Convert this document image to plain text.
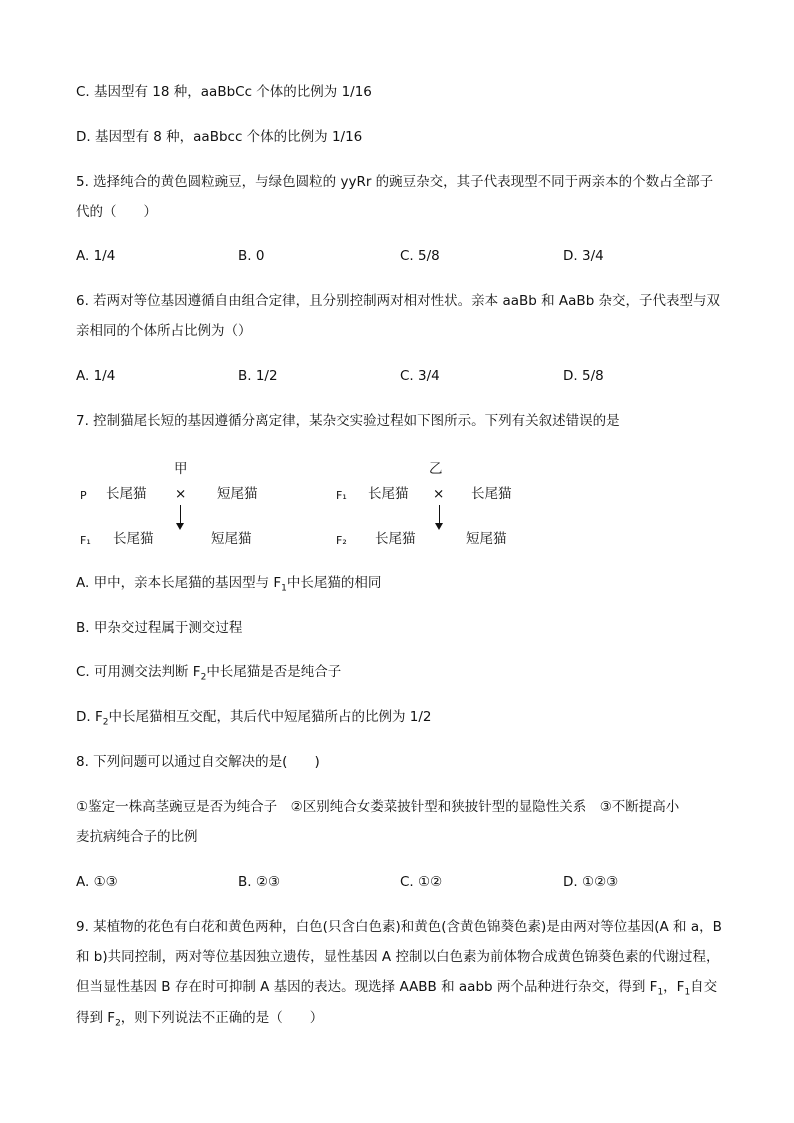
C. 基因型有 18 种，aaBbCc 个体的比例为 1/16
D. 基因型有 8 种，aaBbcc 个体的比例为 1/16
5. 选择纯合的黄色圆粒豌豆，与绿色圆粒的 yyRr 的豌豆杂交，其子代表现型不同于两亲本的个数占全部子
代的（　　）
A. 1/4	B. 0	C. 5/8	D. 3/4
6. 若两对等位基因遵循自由组合定律，且分别控制两对相对性状。亲本 aaBb 和 AaBb 杂交，子代表型与双
亲相同的个体所占比例为（）
A. 1/4	B. 1/2	C. 3/4	D. 5/8
7. 控制猫尾长短的基因遵循分离定律，某杂交实验过程如下图所示。下列有关叙述错误的是
甲	乙
P 长尾猫 × 短尾猫	F₁ 长尾猫 × 长尾猫
F₁ 长尾猫	短尾猫	F₂ 长尾猫	短尾猫
A. 甲中，亲本长尾猫的基因型与 $F_1$中长尾猫的相同
B. 甲杂交过程属于测交过程
C. 可用测交法判断 $F_2$中长尾猫是否是纯合子
D. $F_2$中长尾猫相互交配，其后代中短尾猫所占的比例为 1/2
8. 下列问题可以通过自交解决的是(　　)
①鉴定一株高茎豌豆是否为纯合子　②区别纯合女娄菜披针型和狭披针型的显隐性关系　③不断提高小
麦抗病纯合子的比例
A. ①③	B. ②③	C. ①②	D. ①②③
9. 某植物的花色有白花和黄色两种，白色(只含白色素)和黄色(含黄色锦葵色素)是由两对等位基因(A 和 a，B
和 b)共同控制，两对等位基因独立遗传，显性基因 A 控制以白色素为前体物合成黄色锦葵色素的代谢过程，
但当显性基因 B 存在时可抑制 A 基因的表达。现选择 AABB 和 aabb 两个品种进行杂交，得到 $F_1$，$F_1$自交
得到 $F_2$，则下列说法不正确的是（　　）
